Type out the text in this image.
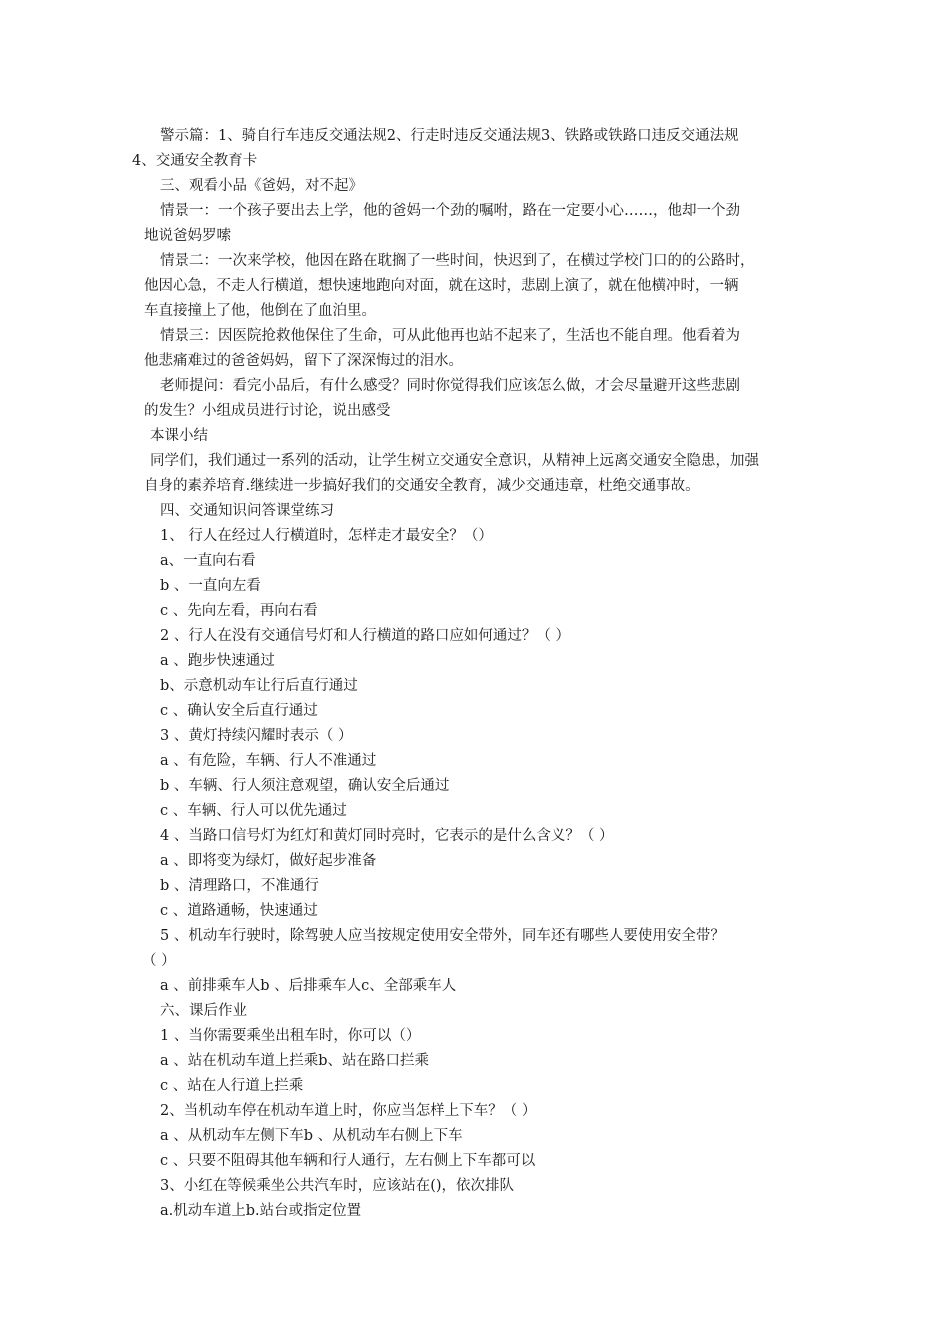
警示篇：1、骑自行车违反交通法规2、行走时违反交通法规3、铁路或铁路口违反交通法规
4、交通安全教育卡
三、观看小品《爸妈，对不起》
情景一：一个孩子要出去上学，他的爸妈一个劲的嘱咐，路在一定要小心……，他却一个劲
地说爸妈罗嗦
情景二：一次来学校，他因在路在耽搁了一些时间，快迟到了，在横过学校门口的的公路时，
他因心急，不走人行横道，想快速地跑向对面，就在这时，悲剧上演了，就在他横冲时，一辆
车直接撞上了他，他倒在了血泊里。
情景三：因医院抢救他保住了生命，可从此他再也站不起来了，生活也不能自理。他看着为
他悲痛难过的爸爸妈妈，留下了深深悔过的泪水。
老师提问：看完小品后，有什么感受？同时你觉得我们应该怎么做，才会尽量避开这些悲剧
的发生？小组成员进行讨论，说出感受
本课小结
同学们，我们通过一系列的活动，让学生树立交通安全意识，从精神上远离交通安全隐患，加强
自身的素养培育.继续进一步搞好我们的交通安全教育，减少交通违章，杜绝交通事故。
四、交通知识问答课堂练习
1、 行人在经过人行横道时，怎样走才最安全？（）
a、一直向右看
b 、一直向左看
c 、先向左看，再向右看
2 、行人在没有交通信号灯和人行横道的路口应如何通过？（ ）
a 、跑步快速通过
b、示意机动车让行后直行通过
c 、确认安全后直行通过
3 、黄灯持续闪耀时表示（ ）
a 、有危险，车辆、行人不准通过
b 、车辆、行人须注意观望，确认安全后通过
c 、车辆、行人可以优先通过
4 、当路口信号灯为红灯和黄灯同时亮时，它表示的是什么含义？（ ）
a 、即将变为绿灯，做好起步准备
b 、清理路口，不准通行
c 、道路通畅，快速通过
5 、机动车行驶时，除驾驶人应当按规定使用安全带外，同车还有哪些人要使用安全带？
（ ）
a 、前排乘车人b 、后排乘车人c、全部乘车人
六、课后作业
1 、当你需要乘坐出租车时，你可以（）
a 、站在机动车道上拦乘b、站在路口拦乘
c 、站在人行道上拦乘
2、当机动车停在机动车道上时，你应当怎样上下车？（ ）
a 、从机动车左侧下车b 、从机动车右侧上下车
c 、只要不阻碍其他车辆和行人通行，左右侧上下车都可以
3、小红在等候乘坐公共汽车时，应该站在()，依次排队
a.机动车道上b.站台或指定位置
